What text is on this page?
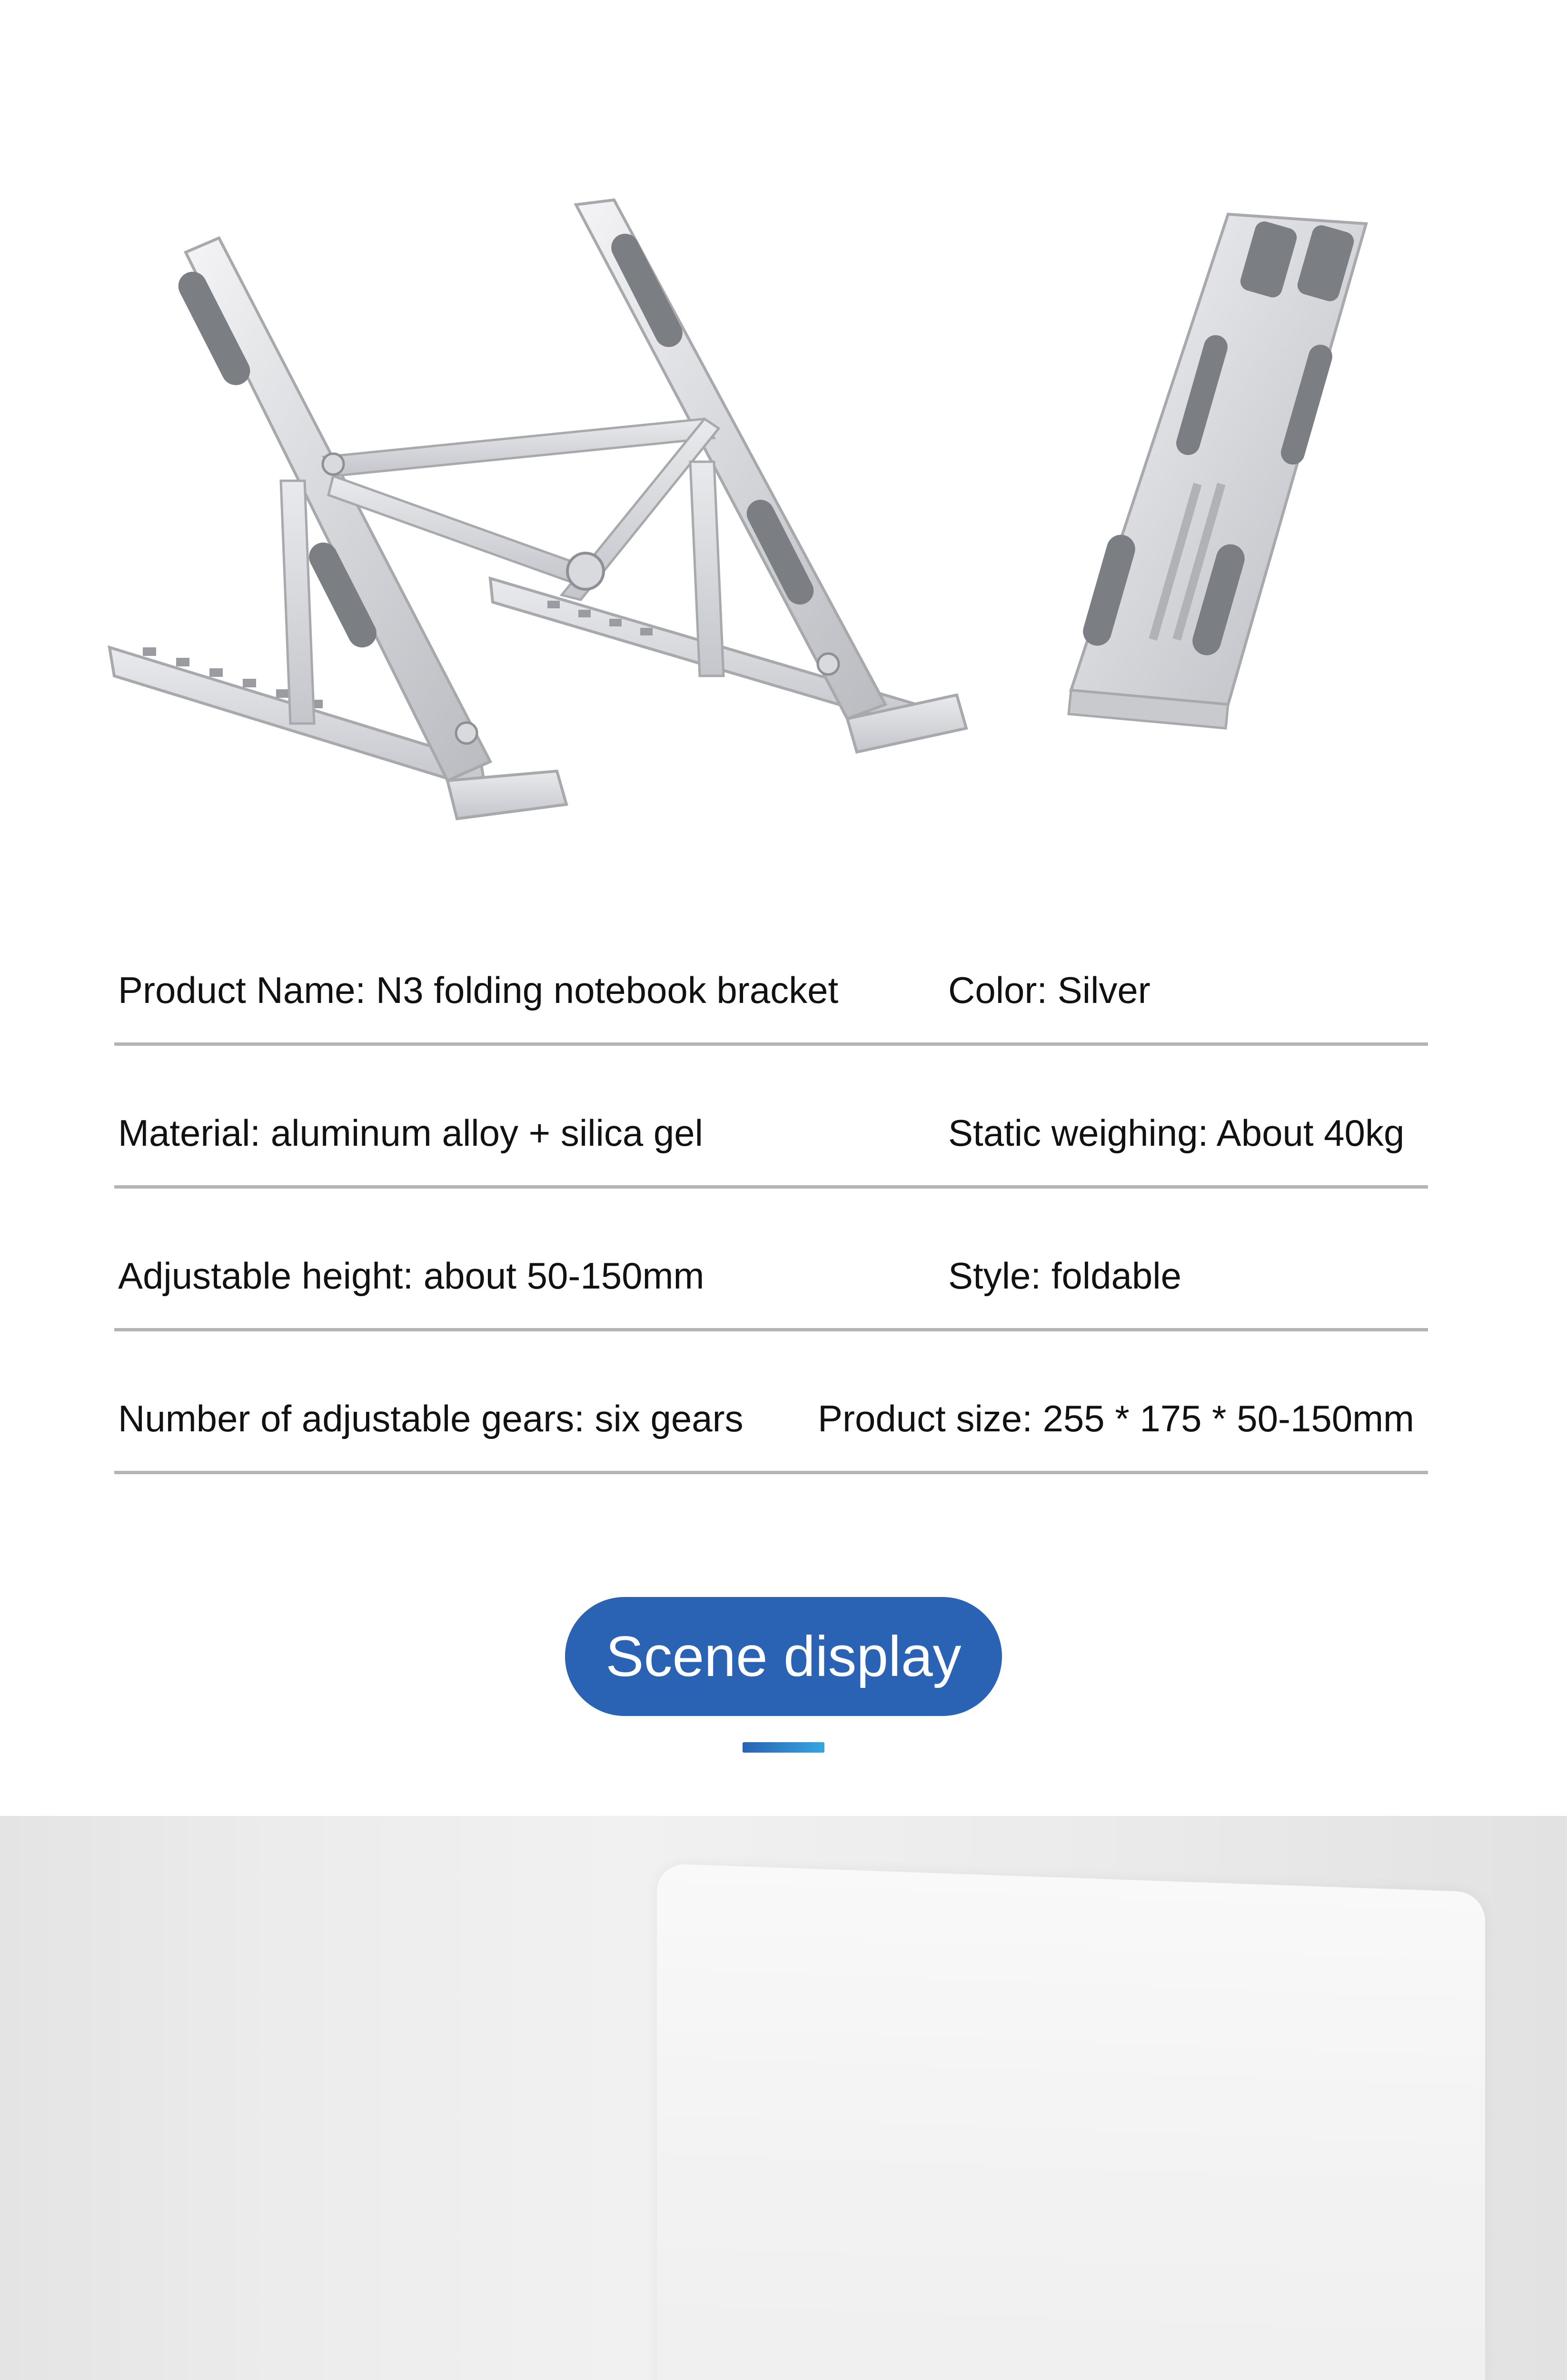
Product Name: N3 folding notebook bracket	Color: Silver
Material: aluminum alloy + silica gel	Static weighing: About 40kg
Adjustable height: about 50-150mm	Style: foldable
Number of adjustable gears: six gears Product size: 255 * 175 * 50-150mm
Scene display
